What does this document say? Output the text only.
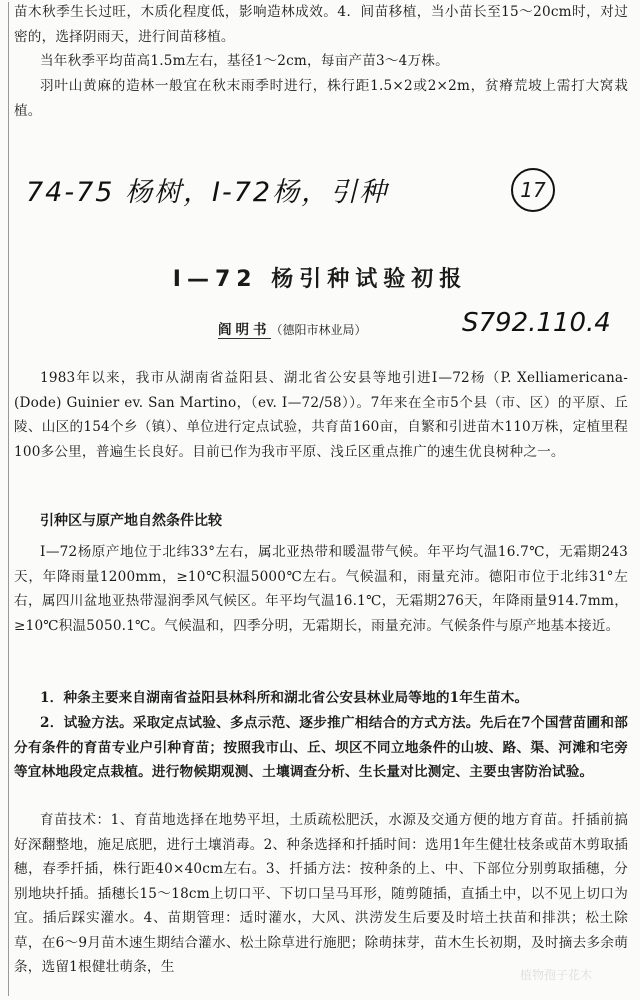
苗木秋季生长过旺，木质化程度低，影响造林成效。4．间苗移植，当小苗长至15～20cm时，对过密的，选择阴雨天，进行间苗移植。
当年秋季平均苗高1.5m左右，基径1～2cm，每亩产苗3～4万株。
羽叶山黄麻的造林一般宜在秋末雨季时进行，株行距1.5×2或2×2m，贫瘠荒坡上需打大窝栽植。
74-75 杨树，I-72杨，引种	17
I—72 杨引种试验初报
阎明书（德阳市林业局）	S792.110.4
1983年以来，我市从湖南省益阳县、湖北省公安县等地引进Ⅰ—72杨（P. Xelliamericana-(Dode) Guinier ev. San Martino，（ev. Ⅰ—72/58））。7年来在全市5个县（市、区）的平原、丘陵、山区的154个乡（镇）、单位进行定点试验，共育苗160亩，自繁和引进苗木110万株，定植里程100多公里，普遍生长良好。目前已作为我市平原、浅丘区重点推广的速生优良树种之一。
引种区与原产地自然条件比较
Ⅰ—72杨原产地位于北纬33°左右，属北亚热带和暖温带气候。年平均气温16.7℃，无霜期243天，年降雨量1200mm，≥10℃积温5000℃左右。气候温和，雨量充沛。德阳市位于北纬31°左右，属四川盆地亚热带湿润季风气候区。年平均气温16.1℃，无霜期276天，年降雨量914.7mm，≥10℃积温5050.1℃。气候温和，四季分明，无霜期长，雨量充沛。气候条件与原产地基本接近。
1．种条主要来自湖南省益阳县林科所和湖北省公安县林业局等地的1年生苗木。
2．试验方法。采取定点试验、多点示范、逐步推广相结合的方式方法。先后在7个国营苗圃和部分有条件的育苗专业户引种育苗；按照我市山、丘、坝区不同立地条件的山坡、路、渠、河滩和宅旁等宜林地段定点栽植。进行物候期观测、土壤调查分析、生长量对比测定、主要虫害防治试验。
育苗技术：1、育苗地选择在地势平坦，土质疏松肥沃，水源及交通方便的地方育苗。扦插前搞好深翻整地，施足底肥，进行土壤消毒。2、种条选择和扦插时间：选用1年生健壮枝条或苗木剪取插穗，春季扦插，株行距40×40cm左右。3、扦插方法：按种条的上、中、下部位分别剪取插穗，分别地块扦插。插穗长15～18cm上切口平、下切口呈马耳形，随剪随插，直插土中，以不见上切口为宜。插后踩实灌水。4、苗期管理：适时灌水，大风、洪涝发生后要及时培土扶苗和排洪；松土除草，在6～9月苗木速生期结合灌水、松土除草进行施肥；除萌抹芽，苗木生长初期，及时摘去多余萌条，选留1根健壮萌条，生	植物孢子花木
